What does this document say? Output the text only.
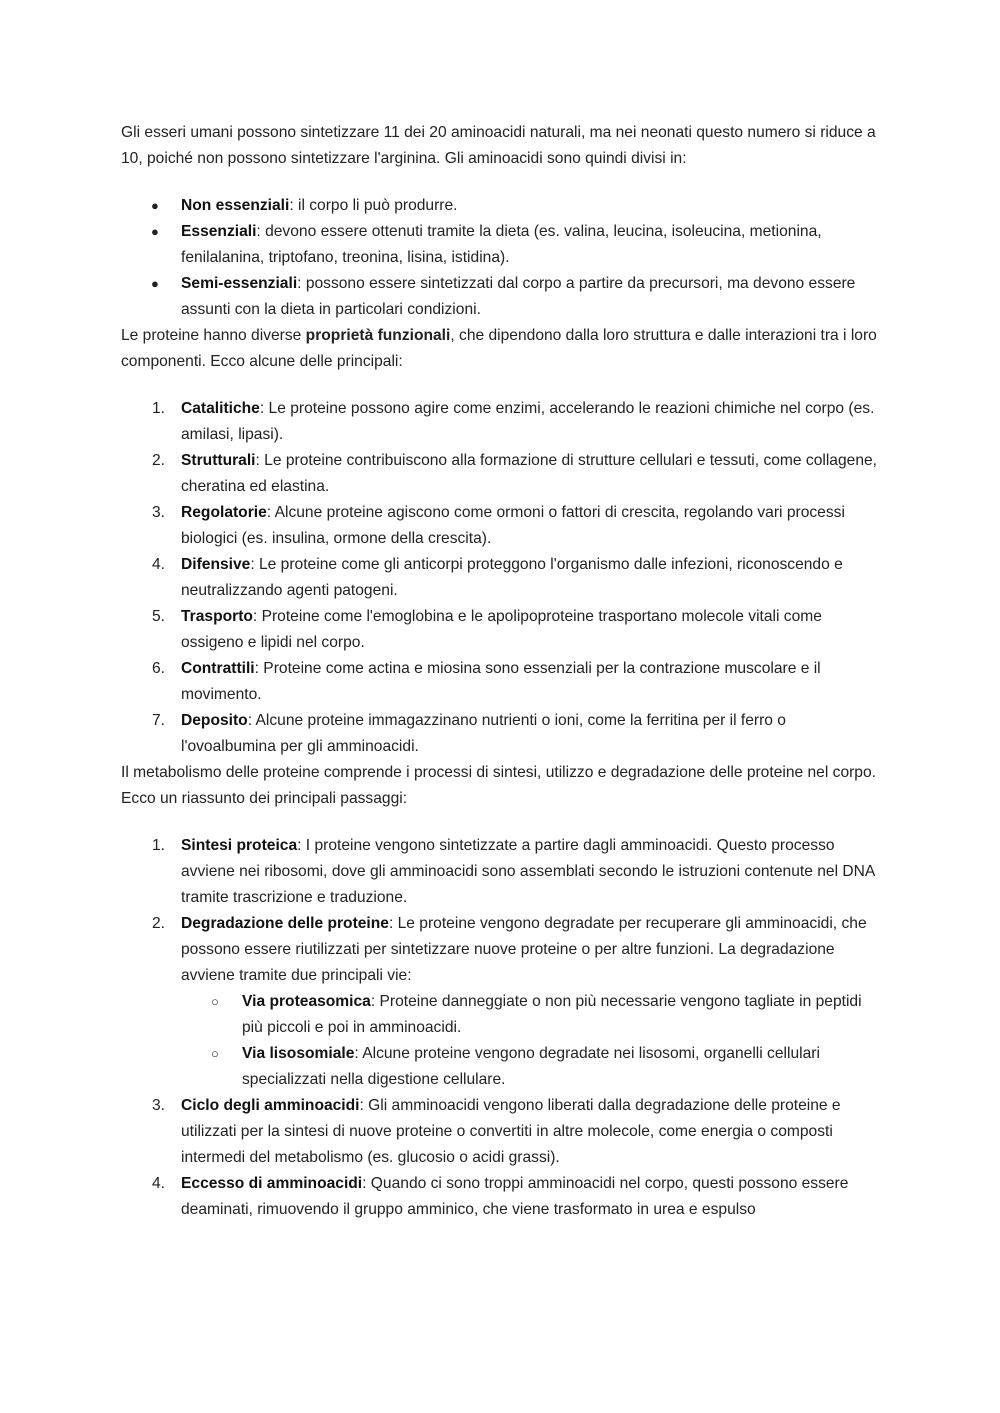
Gli esseri umani possono sintetizzare 11 dei 20 aminoacidi naturali, ma nei neonati questo numero si riduce a 10, poiché non possono sintetizzare l'arginina. Gli aminoacidi sono quindi divisi in:

●	Non essenziali: il corpo li può produrre.
●	Essenziali: devono essere ottenuti tramite la dieta (es. valina, leucina, isoleucina, metionina, fenilalanina, triptofano, treonina, lisina, istidina).
●	Semi-essenziali: possono essere sintetizzati dal corpo a partire da precursori, ma devono essere assunti con la dieta in particolari condizioni.

Le proteine hanno diverse proprietà funzionali, che dipendono dalla loro struttura e dalle interazioni tra i loro componenti. Ecco alcune delle principali:

1. Catalitiche: Le proteine possono agire come enzimi, accelerando le reazioni chimiche nel corpo (es. amilasi, lipasi).
2. Strutturali: Le proteine contribuiscono alla formazione di strutture cellulari e tessuti, come collagene, cheratina ed elastina.
3. Regolatorie: Alcune proteine agiscono come ormoni o fattori di crescita, regolando vari processi biologici (es. insulina, ormone della crescita).
4. Difensive: Le proteine come gli anticorpi proteggono l'organismo dalle infezioni, riconoscendo e neutralizzando agenti patogeni.
5. Trasporto: Proteine come l'emoglobina e le apolipoproteine trasportano molecole vitali come ossigeno e lipidi nel corpo.
6. Contrattili: Proteine come actina e miosina sono essenziali per la contrazione muscolare e il movimento.
7. Deposito: Alcune proteine immagazzinano nutrienti o ioni, come la ferritina per il ferro o l'ovoalbumina per gli amminoacidi.

Il metabolismo delle proteine comprende i processi di sintesi, utilizzo e degradazione delle proteine nel corpo. Ecco un riassunto dei principali passaggi:

1. Sintesi proteica: I proteine vengono sintetizzate a partire dagli amminoacidi. Questo processo avviene nei ribosomi, dove gli amminoacidi sono assemblati secondo le istruzioni contenute nel DNA tramite trascrizione e traduzione.
2. Degradazione delle proteine: Le proteine vengono degradate per recuperare gli amminoacidi, che possono essere riutilizzati per sintetizzare nuove proteine o per altre funzioni. La degradazione avviene tramite due principali vie:
○ Via proteasomica: Proteine danneggiate o non più necessarie vengono tagliate in peptidi più piccoli e poi in amminoacidi.
○ Via lisosomiale: Alcune proteine vengono degradate nei lisosomi, organelli cellulari specializzati nella digestione cellulare.
3. Ciclo degli amminoacidi: Gli amminoacidi vengono liberati dalla degradazione delle proteine e utilizzati per la sintesi di nuove proteine o convertiti in altre molecole, come energia o composti intermedi del metabolismo (es. glucosio o acidi grassi).
4. Eccesso di amminoacidi: Quando ci sono troppi amminoacidi nel corpo, questi possono essere deaminati, rimuovendo il gruppo amminico, che viene trasformato in urea e espulso
